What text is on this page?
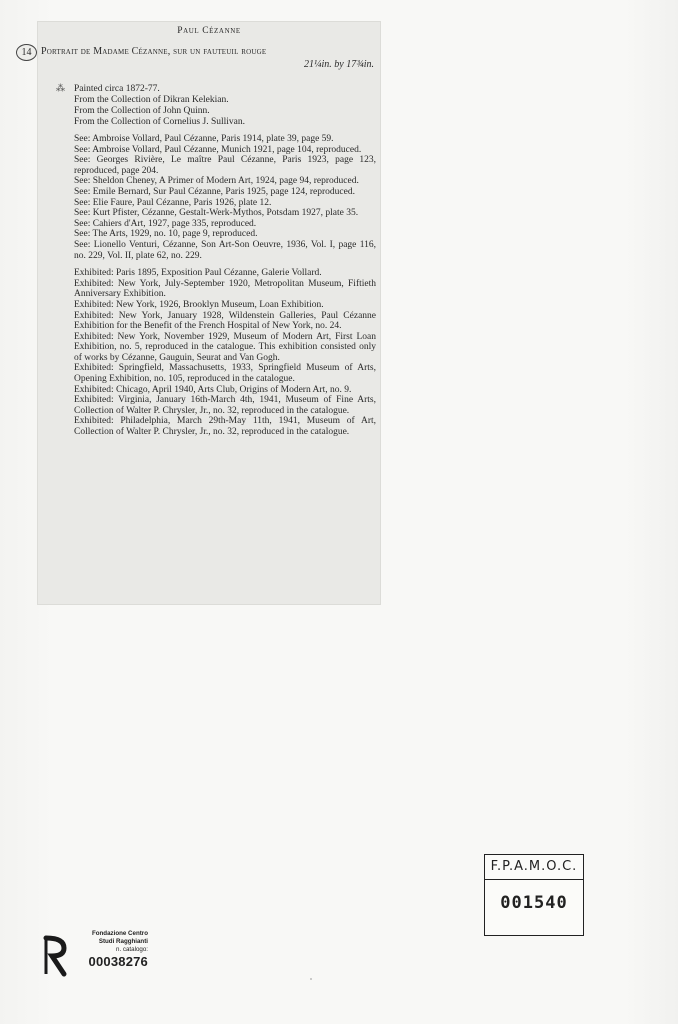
Paul Cézanne
14 Portrait de Madame Cézanne, sur un fauteuil rouge
21¼in. by 17¾in.
⁂ Painted circa 1872-77.
From the Collection of Dikran Kelekian.
From the Collection of John Quinn.
From the Collection of Cornelius J. Sullivan.

See: Ambroise Vollard, Paul Cézanne, Paris 1914, plate 39, page 59.

See: Ambroise Vollard, Paul Cézanne, Munich 1921, page 104, reproduced.

See: Georges Rivière, Le maître Paul Cézanne, Paris 1923, page 123, reproduced, page 204.

See: Sheldon Cheney, A Primer of Modern Art, 1924, page 94, reproduced.

See: Emile Bernard, Sur Paul Cézanne, Paris 1925, page 124, reproduced.

See: Elie Faure, Paul Cézanne, Paris 1926, plate 12.

See: Kurt Pfister, Cézanne, Gestalt-Werk-Mythos, Potsdam 1927, plate 35.

See: Cahiers d'Art, 1927, page 335, reproduced.

See: The Arts, 1929, no. 10, page 9, reproduced.

See: Lionello Venturi, Cézanne, Son Art-Son Oeuvre, 1936, Vol. I, page 116, no. 229, Vol. II, plate 62, no. 229.

Exhibited: Paris 1895, Exposition Paul Cézanne, Galerie Vollard.

Exhibited: New York, July-September 1920, Metropolitan Museum, Fiftieth Anniversary Exhibition.

Exhibited: New York, 1926, Brooklyn Museum, Loan Exhibition.

Exhibited: New York, January 1928, Wildenstein Galleries, Paul Cézanne Exhibition for the Benefit of the French Hospital of New York, no. 24.

Exhibited: New York, November 1929, Museum of Modern Art, First Loan Exhibition, no. 5, reproduced in the catalogue. This exhibition consisted only of works by Cézanne, Gauguin, Seurat and Van Gogh.

Exhibited: Springfield, Massachusetts, 1933, Springfield Museum of Arts, Opening Exhibition, no. 105, reproduced in the catalogue.

Exhibited: Chicago, April 1940, Arts Club, Origins of Modern Art, no. 9.

Exhibited: Virginia, January 16th-March 4th, 1941, Museum of Fine Arts, Collection of Walter P. Chrysler, Jr., no. 32, reproduced in the catalogue.

Exhibited: Philadelphia, March 29th-May 11th, 1941, Museum of Art, Collection of Walter P. Chrysler, Jr., no. 32, reproduced in the catalogue.

F.P.A.M.O.C.
001540
Fondazione Centro
Studi Ragghianti
n. catalogo:
00038276
